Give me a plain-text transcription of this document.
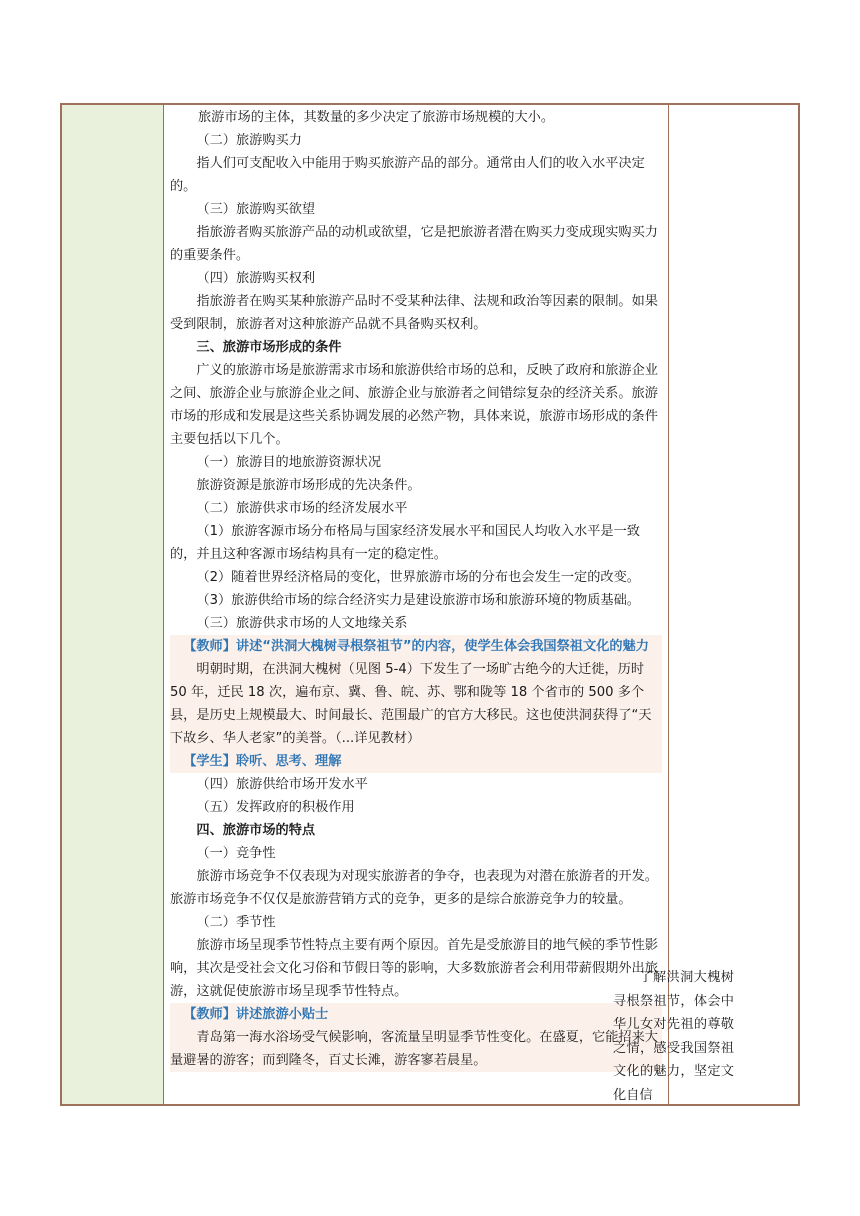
旅游市场的主体，其数量的多少决定了旅游市场规模的大小。

（二）旅游购买力

指人们可支配收入中能用于购买旅游产品的部分。通常由人们的收入水平决定的。

（三）旅游购买欲望

指旅游者购买旅游产品的动机或欲望，它是把旅游者潜在购买力变成现实购买力的重要条件。

（四）旅游购买权利

指旅游者在购买某种旅游产品时不受某种法律、法规和政治等因素的限制。如果受到限制，旅游者对这种旅游产品就不具备购买权利。

三、旅游市场形成的条件

广义的旅游市场是旅游需求市场和旅游供给市场的总和，反映了政府和旅游企业之间、旅游企业与旅游企业之间、旅游企业与旅游者之间错综复杂的经济关系。旅游市场的形成和发展是这些关系协调发展的必然产物，具体来说，旅游市场形成的条件主要包括以下几个。

（一）旅游目的地旅游资源状况

旅游资源是旅游市场形成的先决条件。

（二）旅游供求市场的经济发展水平

（1）旅游客源市场分布格局与国家经济发展水平和国民人均收入水平是一致的，并且这种客源市场结构具有一定的稳定性。

（2）随着世界经济格局的变化，世界旅游市场的分布也会发生一定的改变。

（3）旅游供给市场的综合经济实力是建设旅游市场和旅游环境的物质基础。

（三）旅游供求市场的人文地缘关系

【教师】讲述“洪洞大槐树寻根祭祖节”的内容，使学生体会我国祭祖文化的魅力

明朝时期，在洪洞大槐树（见图 5-4）下发生了一场旷古绝今的大迁徙，历时 50 年，迁民 18 次，遍布京、冀、鲁、皖、苏、鄂和陇等 18 个省市的 500 多个县，是历史上规模最大、时间最长、范围最广的官方大移民。这也使洪洞获得了“天下故乡、华人老家”的美誉。（...详见教材）

【学生】聆听、思考、理解

（四）旅游供给市场开发水平

（五）发挥政府的积极作用

四、旅游市场的特点

（一）竞争性

旅游市场竞争不仅表现为对现实旅游者的争夺，也表现为对潜在旅游者的开发。旅游市场竞争不仅仅是旅游营销方式的竞争，更多的是综合旅游竞争力的较量。

（二）季节性

旅游市场呈现季节性特点主要有两个原因。首先是受旅游目的地气候的季节性影响，其次是受社会文化习俗和节假日等的影响，大多数旅游者会利用带薪假期外出旅游，这就促使旅游市场呈现季节性特点。

【教师】讲述旅游小贴士

青岛第一海水浴场受气候影响，客流量呈明显季节性变化。在盛夏，它能招来大量避暑的游客；而到隆冬，百丈长滩，游客寥若晨星。

了解洪洞大槐树寻根祭祖节，体会中华儿女对先祖的尊敬之情，感受我国祭祖文化的魅力，坚定文化自信
